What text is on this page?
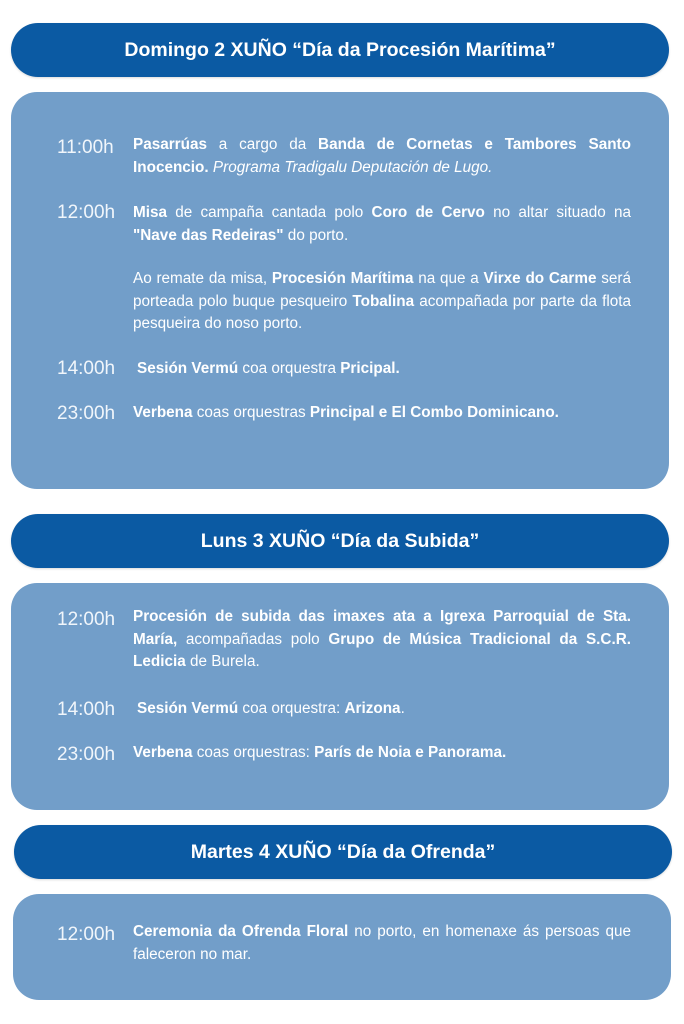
Domingo 2 XUÑO “Día da Procesión Marítima”
11:00h	Pasarrúas a cargo da Banda de Cornetas e Tambores Santo Inocencio. Programa Tradigalu Deputación de Lugo.
12:00h	Misa de campaña cantada polo Coro de Cervo no altar situado na "Nave das Redeiras" do porto.
Ao remate da misa, Procesión Marítima na que a Virxe do Carme será porteada polo buque pesqueiro Tobalina acompañada por parte da flota pesqueira do noso porto.
14:00h	Sesión Vermú coa orquestra Pricipal.
23:00h	Verbena coas orquestras Principal e El Combo Dominicano.
Luns 3 XUÑO “Día da Subida”
12:00h	Procesión de subida das imaxes ata a Igrexa Parroquial de Sta. María, acompañadas polo Grupo de Música Tradicional da S.C.R. Ledicia de Burela.
14:00h	Sesión Vermú coa orquestra: Arizona.
23:00h	Verbena coas orquestras: París de Noia e Panorama.
Martes 4 XUÑO “Día da Ofrenda”
12:00h	Ceremonia da Ofrenda Floral no porto, en homenaxe ás persoas que faleceron no mar.
